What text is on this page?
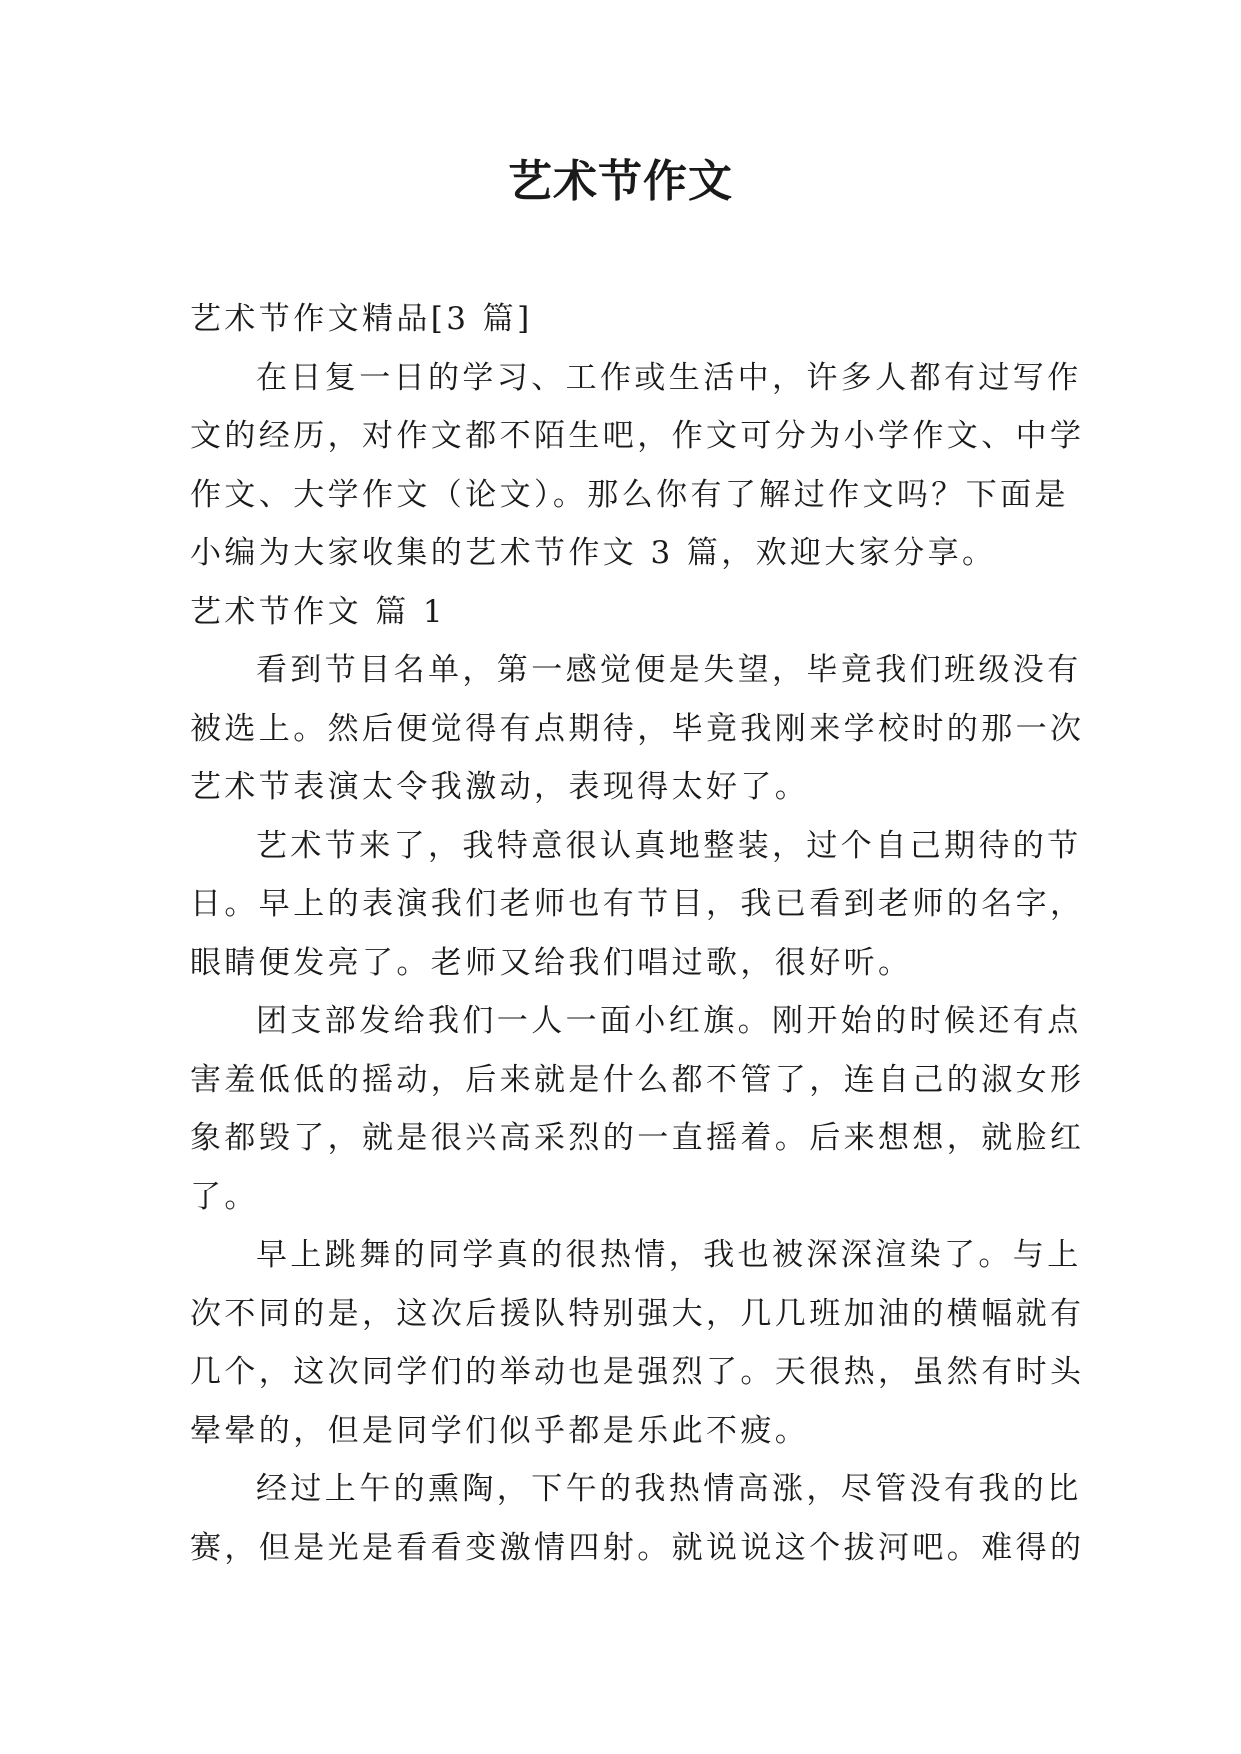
艺术节作文
艺术节作文精品[3 篇]
在日复一日的学习、工作或生活中，许多人都有过写作
文的经历，对作文都不陌生吧，作文可分为小学作文、中学
作文、大学作文（论文）。那么你有了解过作文吗？下面是
小编为大家收集的艺术节作文 3 篇，欢迎大家分享。
艺术节作文 篇 1
看到节目名单，第一感觉便是失望，毕竟我们班级没有
被选上。然后便觉得有点期待，毕竟我刚来学校时的那一次
艺术节表演太令我激动，表现得太好了。
艺术节来了，我特意很认真地整装，过个自己期待的节
日。早上的表演我们老师也有节目，我已看到老师的名字，
眼睛便发亮了。老师又给我们唱过歌，很好听。
团支部发给我们一人一面小红旗。刚开始的时候还有点
害羞低低的摇动，后来就是什么都不管了，连自己的淑女形
象都毁了，就是很兴高采烈的一直摇着。后来想想，就脸红
了。
早上跳舞的同学真的很热情，我也被深深渲染了。与上
次不同的是，这次后援队特别强大，几几班加油的横幅就有
几个，这次同学们的举动也是强烈了。天很热，虽然有时头
晕晕的，但是同学们似乎都是乐此不疲。
经过上午的熏陶，下午的我热情高涨，尽管没有我的比
赛，但是光是看看变激情四射。就说说这个拔河吧。难得的
